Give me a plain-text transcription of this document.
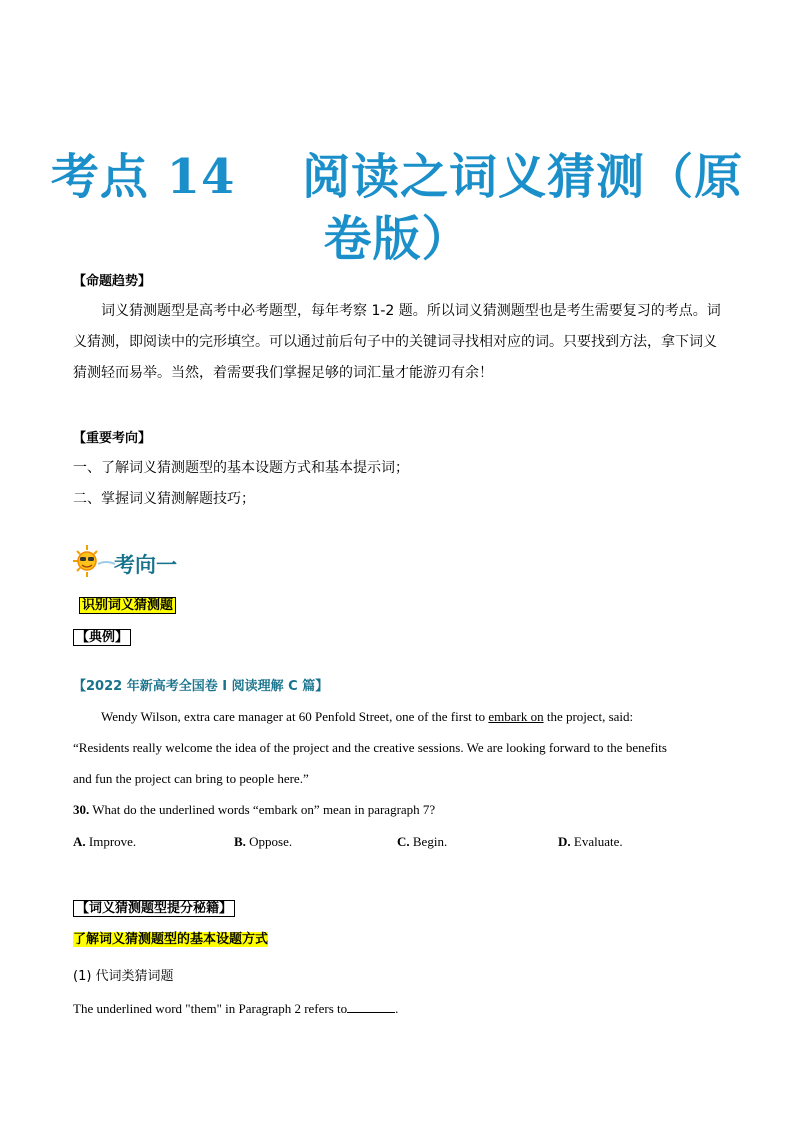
考点 14　 阅读之词义猜测（原
卷版）
【命题趋势】
词义猜测题型是高考中必考题型，每年考察 1-2 题。所以词义猜测题型也是考生需要复习的考点。词
义猜测，即阅读中的完形填空。可以通过前后句子中的关键词寻找相对应的词。只要找到方法，拿下词义
猜测轻而易举。当然，着需要我们掌握足够的词汇量才能游刃有余！
【重要考向】
一、了解词义猜测题型的基本设题方式和基本提示词；
二、掌握词义猜测解题技巧；
考向一
识别词义猜测题
【典例】
【2022 年新高考全国卷 I 阅读理解 C 篇】
Wendy Wilson, extra care manager at 60 Penfold Street, one of the first to embark on the project, said:
“Residents really welcome the idea of the project and the creative sessions. We are looking forward to the benefits
and fun the project can bring to people here.”
30. What do the underlined words “embark on” mean in paragraph 7?
A. Improve.	B. Oppose.	C. Begin.	D. Evaluate.
【词义猜测题型提分秘籍】
了解词义猜测题型的基本设题方式
(1) 代词类猜词题
The underlined word "them" in Paragraph 2 refers to	.
